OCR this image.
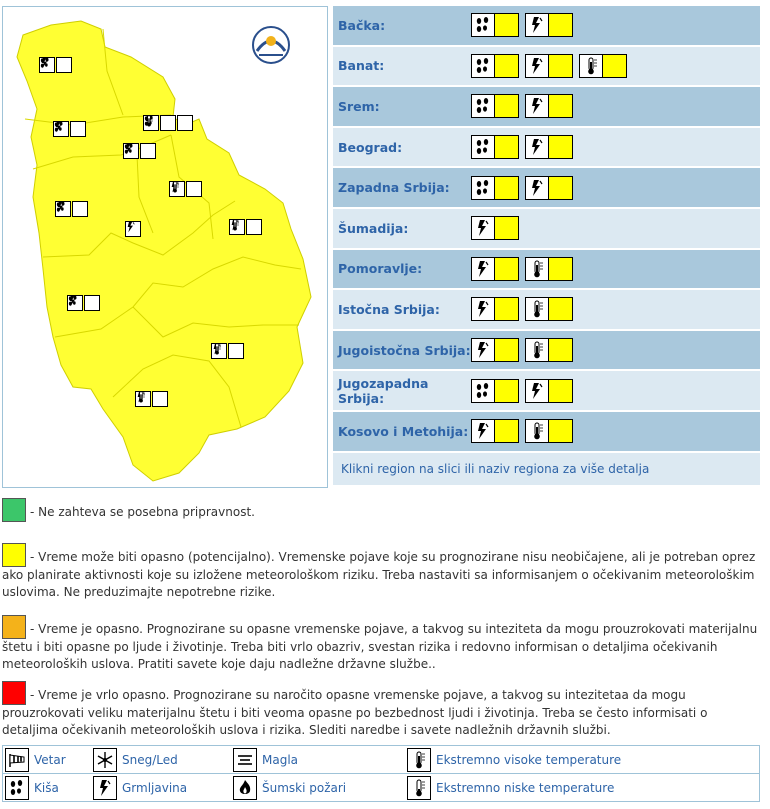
Bačka:
Banat:
Srem:
Beograd:
Zapadna Srbija:
Šumadija:
Pomoravlje:
Istočna Srbija:
Jugoistočna Srbija:
Jugozapadna Srbija:
Kosovo i Metohija:
Klikni region na slici ili naziv regiona za više detalja
- Ne zahteva se posebna pripravnost.
- Vreme može biti opasno (potencijalno). Vremenske pojave koje su prognozirane nisu neobičajene, ali je potreban oprez ako planirate aktivnosti koje su izložene meteorološkom riziku. Treba nastaviti sa informisanjem o očekivanim meteorološkim uslovima. Ne preduzimajte nepotrebne rizike.
- Vreme je opasno. Prognozirane su opasne vremenske pojave, a takvog su inteziteta da mogu prouzrokovati materijalnu štetu i biti opasne po ljude i životinje. Treba biti vrlo obazriv, svestan rizika i redovno informisan o detaljima očekivanih meteoroloških uslova. Pratiti savete koje daju nadležne državne službe..
- Vreme je vrlo opasno. Prognozirane su naročito opasne vremenske pojave, a takvog su intezitetaa da mogu prouzrokovati veliku materijalnu štetu i biti veoma opasne po bezbednost ljudi i životinja. Treba se često informisati o detaljima očekivanih meteoroloških uslova i rizika. Slediti naredbe i savete nadležnih državnih službi.
Vetar	Sneg/Led	Magla	Ekstremno visoke temperature
Kiša	Grmljavina	Šumski požari	Ekstremno niske temperature
